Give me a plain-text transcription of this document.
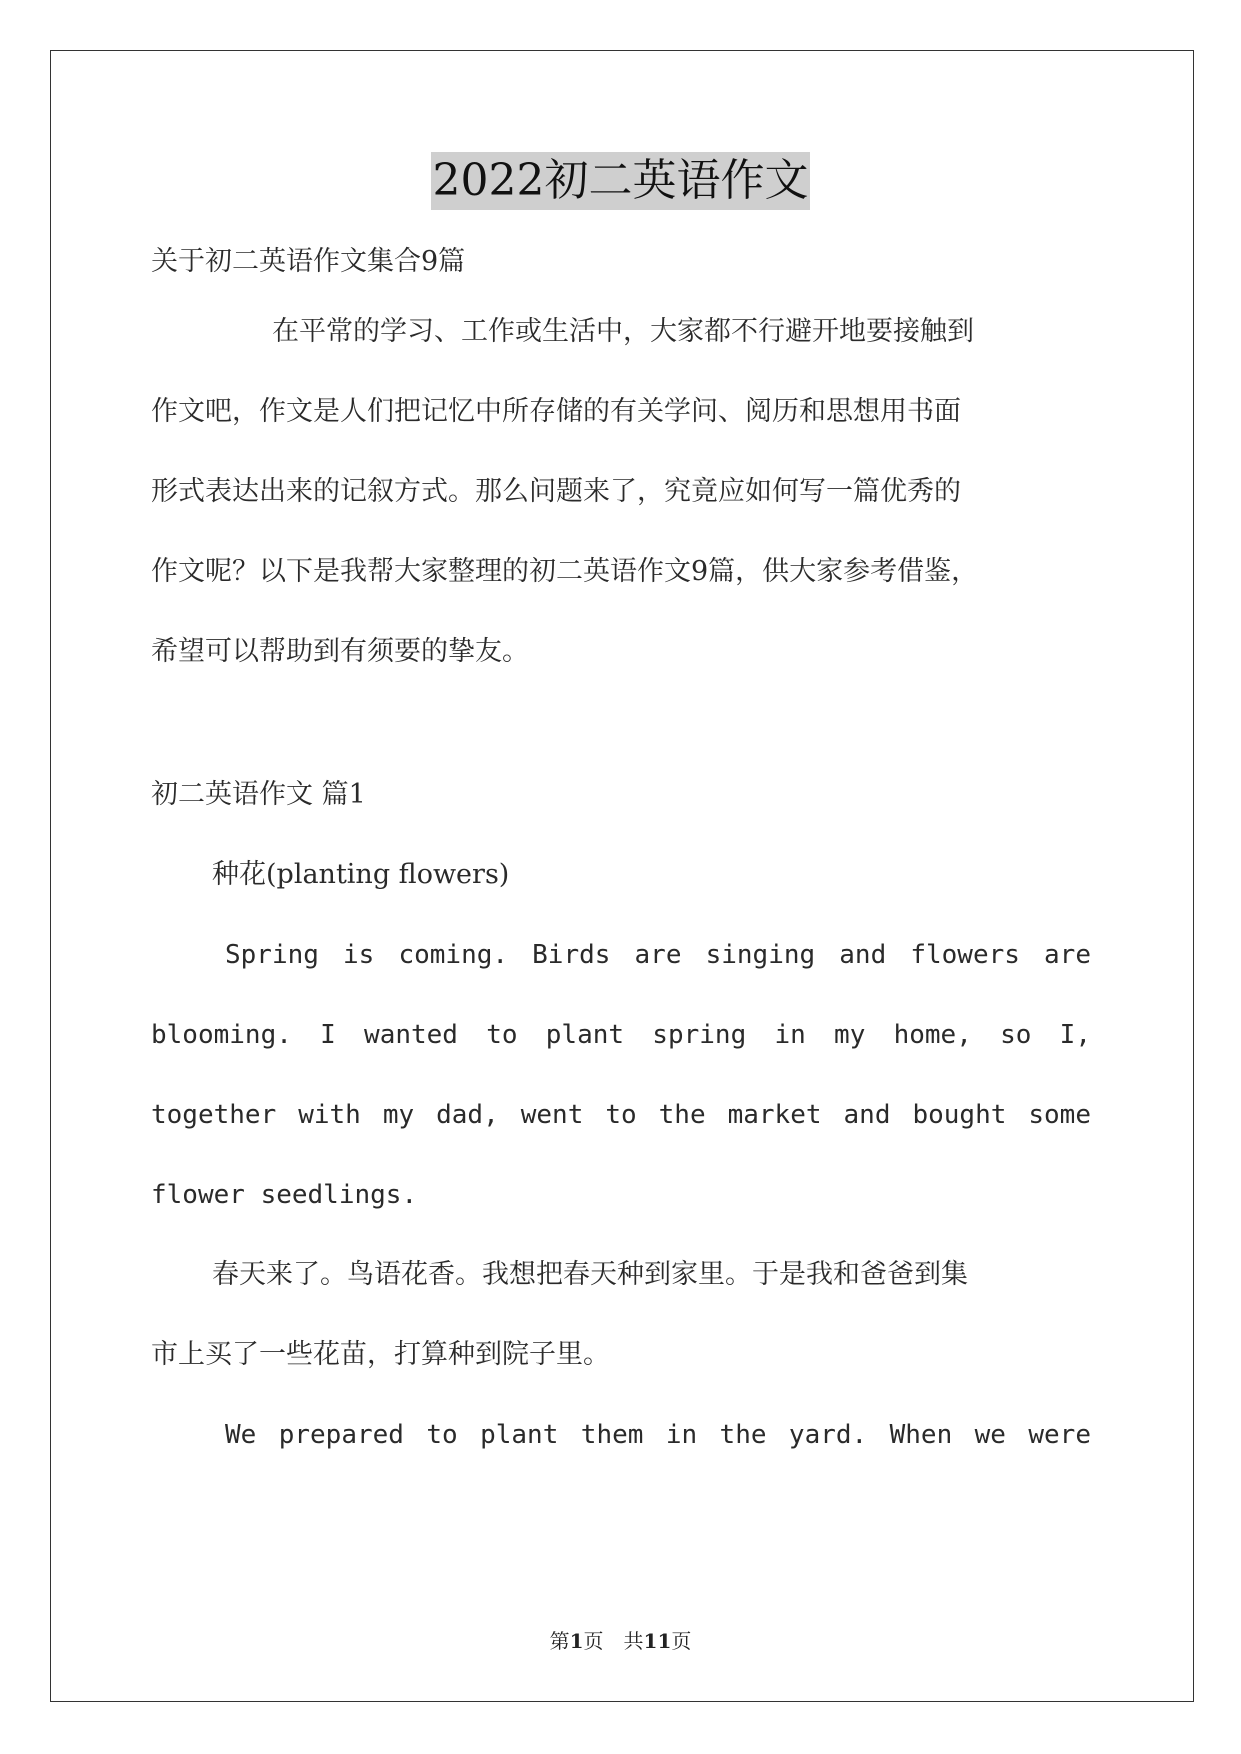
2022初二英语作文
关于初二英语作文集合9篇
在平常的学习、工作或生活中，大家都不行避开地要接触到
作文吧，作文是人们把记忆中所存储的有关学问、阅历和思想用书面
形式表达出来的记叙方式。那么问题来了，究竟应如何写一篇优秀的
作文呢？以下是我帮大家整理的初二英语作文9篇，供大家参考借鉴，
希望可以帮助到有须要的挚友。
初二英语作文 篇1
种花(planting flowers)
Spring is coming. Birds are singing and flowers are
blooming. I wanted to plant spring in my home, so I,
together with my dad, went to the market and bought some
flower seedlings.
春天来了。鸟语花香。我想把春天种到家里。于是我和爸爸到集
市上买了一些花苗，打算种到院子里。
We prepared to plant them in the yard. When we were
第1页　共11页
